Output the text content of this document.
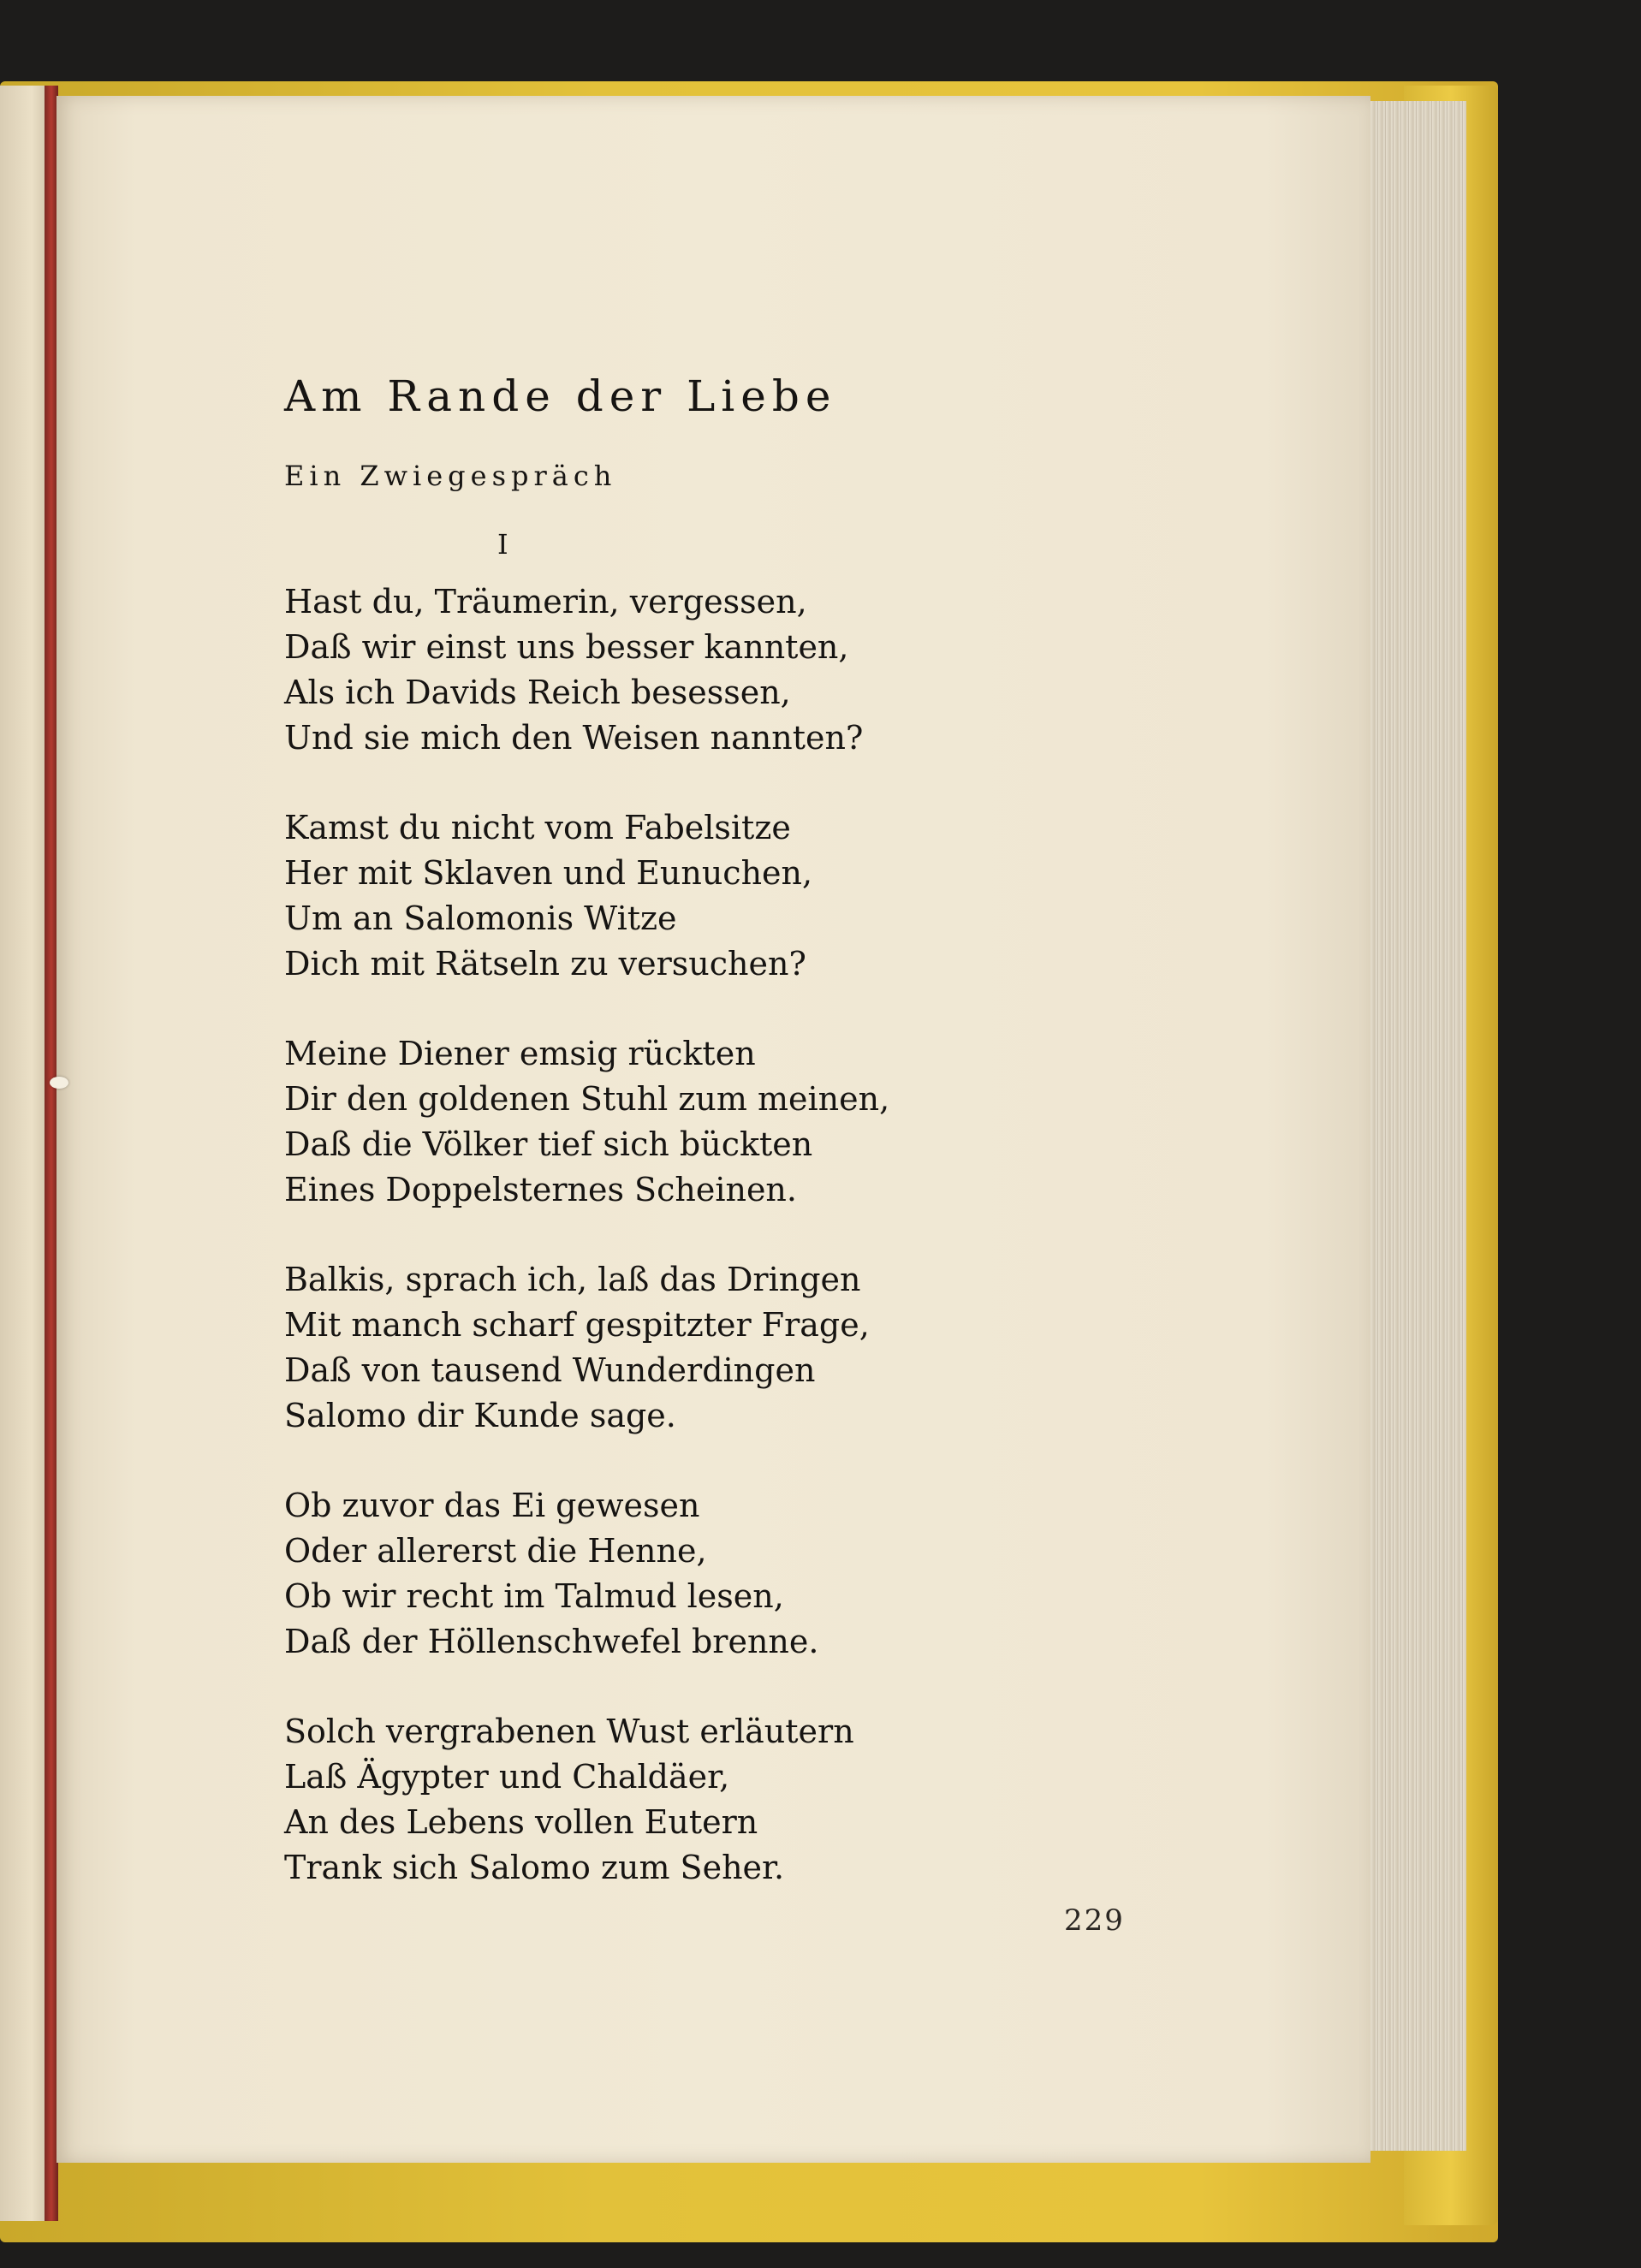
Am Rande der Liebe
Ein Zwiegespräch
I
Hast du, Träumerin, vergessen,
Daß wir einst uns besser kannten,
Als ich Davids Reich besessen,
Und sie mich den Weisen nannten?
Kamst du nicht vom Fabelsitze
Her mit Sklaven und Eunuchen,
Um an Salomonis Witze
Dich mit Rätseln zu versuchen?
Meine Diener emsig rückten
Dir den goldenen Stuhl zum meinen,
Daß die Völker tief sich bückten
Eines Doppelsternes Scheinen.
Balkis, sprach ich, laß das Dringen
Mit manch scharf gespitzter Frage,
Daß von tausend Wunderdingen
Salomo dir Kunde sage.
Ob zuvor das Ei gewesen
Oder allererst die Henne,
Ob wir recht im Talmud lesen,
Daß der Höllenschwefel brenne.
Solch vergrabenen Wust erläutern
Laß Ägypter und Chaldäer,
An des Lebens vollen Eutern
Trank sich Salomo zum Seher.
229
